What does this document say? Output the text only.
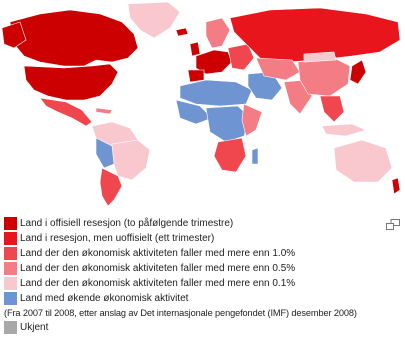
Land i offisiell resesjon (to påfølgende trimestre)
Land i resesjon, men uoffisielt (ett trimester)
Land der den økonomisk aktiviteten faller med mere enn 1.0%
Land der den økonomisk aktiviteten faller med mere enn 0.5%
Land der den økonomisk aktiviteten faller med mere enn 0.1%
Land med økende økonomisk aktivitet
(Fra 2007 til 2008, etter anslag av Det internasjonale pengefondet (IMF) desember 2008)
Ukjent
